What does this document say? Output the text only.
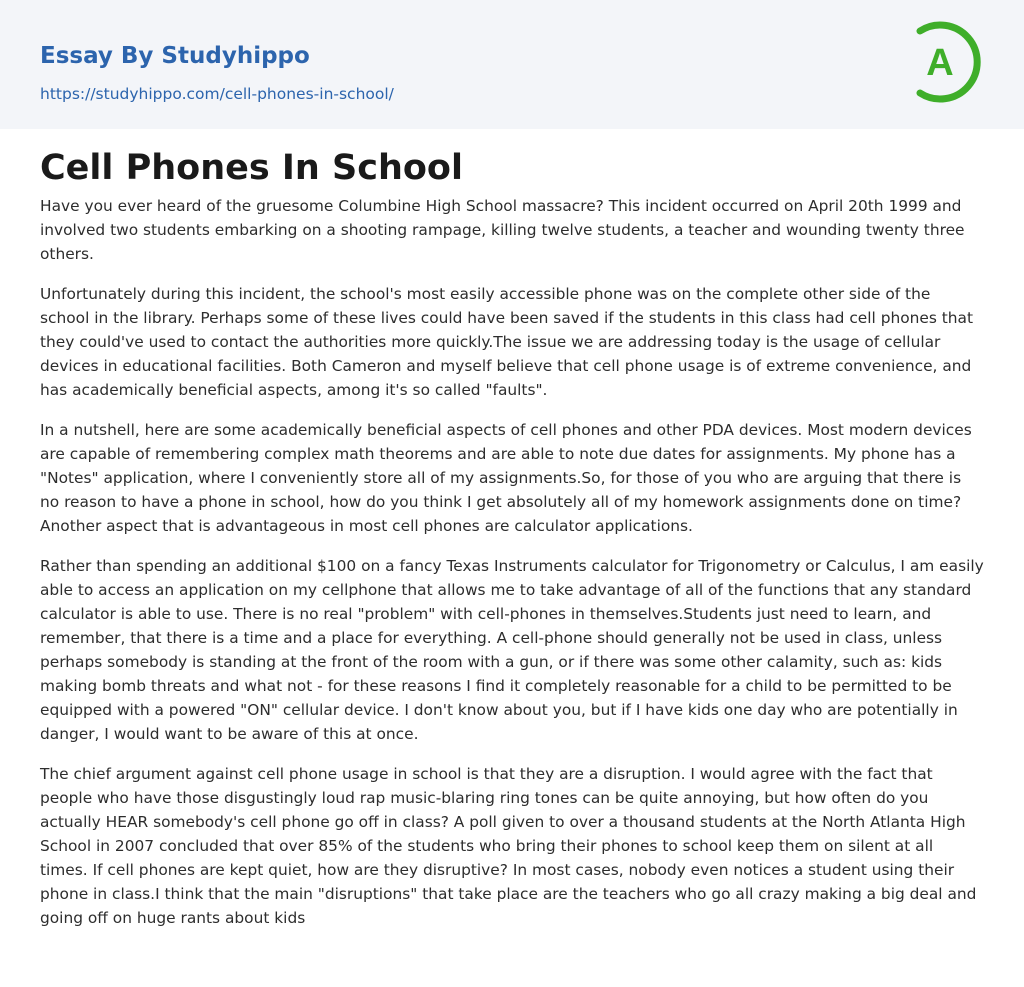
Essay By Studyhippo
https://studyhippo.com/cell-phones-in-school/
A
Cell Phones In School

Have you ever heard of the gruesome Columbine High School massacre? This incident occurred on April 20th 1999 and involved two students embarking on a shooting rampage, killing twelve students, a teacher and wounding twenty three others.

Unfortunately during this incident, the school's most easily accessible phone was on the complete other side of the school in the library. Perhaps some of these lives could have been saved if the students in this class had cell phones that they could've used to contact the authorities more quickly.The issue we are addressing today is the usage of cellular devices in educational facilities. Both Cameron and myself believe that cell phone usage is of extreme convenience, and has academically beneficial aspects, among it's so called "faults".

In a nutshell, here are some academically beneficial aspects of cell phones and other PDA devices. Most modern devices are capable of remembering complex math theorems and are able to note due dates for assignments. My phone has a "Notes" application, where I conveniently store all of my assignments.So, for those of you who are arguing that there is no reason to have a phone in school, how do you think I get absolutely all of my homework assignments done on time? Another aspect that is advantageous in most cell phones are calculator applications.

Rather than spending an additional $100 on a fancy Texas Instruments calculator for Trigonometry or Calculus, I am easily able to access an application on my cellphone that allows me to take advantage of all of the functions that any standard calculator is able to use. There is no real "problem" with cell-phones in themselves.Students just need to learn, and remember, that there is a time and a place for everything. A cell-phone should generally not be used in class, unless perhaps somebody is standing at the front of the room with a gun, or if there was some other calamity, such as: kids making bomb threats and what not - for these reasons I find it completely reasonable for a child to be permitted to be equipped with a powered "ON" cellular device. I don't know about you, but if I have kids one day who are potentially in danger, I would want to be aware of this at once.

The chief argument against cell phone usage in school is that they are a disruption. I would agree with the fact that people who have those disgustingly loud rap music-blaring ring tones can be quite annoying, but how often do you actually HEAR somebody's cell phone go off in class? A poll given to over a thousand students at the North Atlanta High School in 2007 concluded that over 85% of the students who bring their phones to school keep them on silent at all times. If cell phones are kept quiet, how are they disruptive? In most cases, nobody even notices a student using their phone in class.I think that the main "disruptions" that take place are the teachers who go all crazy making a big deal and going off on huge rants about kids
